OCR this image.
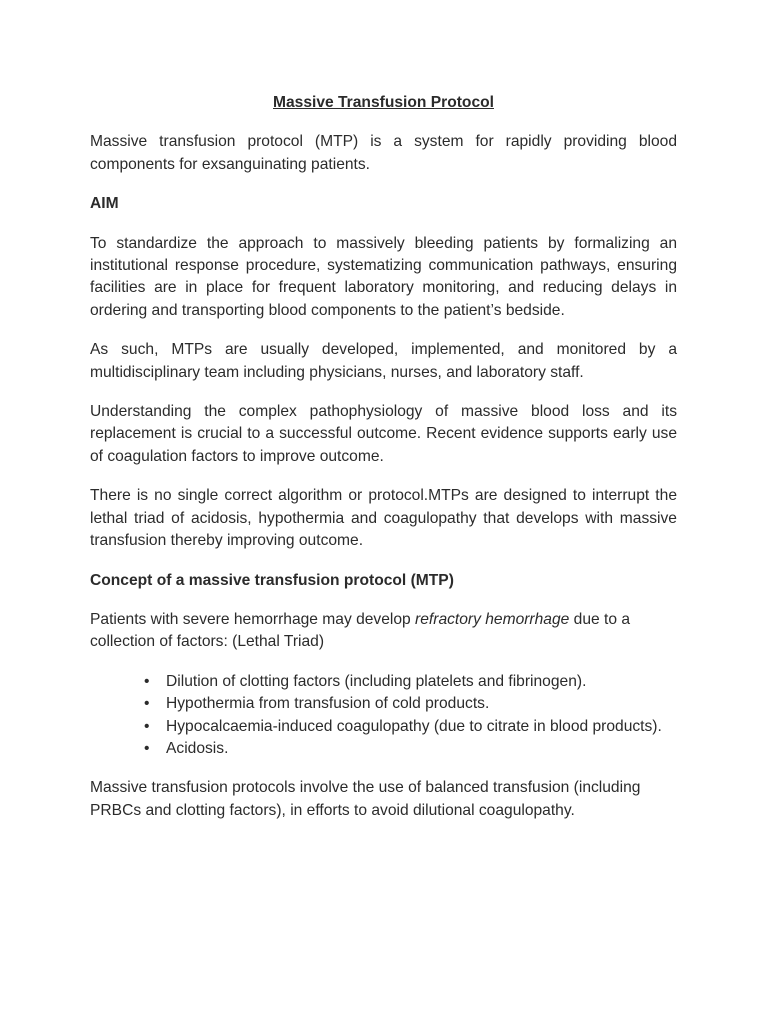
Massive Transfusion Protocol

Massive transfusion protocol (MTP) is a system for rapidly providing blood components for exsanguinating patients.

AIM

To standardize the approach to massively bleeding patients by formalizing an institutional response procedure, systematizing communication pathways, ensuring facilities are in place for frequent laboratory monitoring, and reducing delays in ordering and transporting blood components to the patient’s bedside.

As such, MTPs are usually developed, implemented, and monitored by a multidisciplinary team including physicians, nurses, and laboratory staff.

Understanding the complex pathophysiology of massive blood loss and its replacement is crucial to a successful outcome. Recent evidence supports early use of coagulation factors to improve outcome.

There is no single correct algorithm or protocol.MTPs are designed to interrupt the lethal triad of acidosis, hypothermia and coagulopathy that develops with massive transfusion thereby improving outcome.

Concept of a massive transfusion protocol (MTP)

Patients with severe hemorrhage may develop refractory hemorrhage due to a collection of factors: (Lethal Triad)

• Dilution of clotting factors (including platelets and fibrinogen).
• Hypothermia from transfusion of cold products.
• Hypocalcaemia-induced coagulopathy (due to citrate in blood products).
• Acidosis.

Massive transfusion protocols involve the use of balanced transfusion (including PRBCs and clotting factors), in efforts to avoid dilutional coagulopathy.
